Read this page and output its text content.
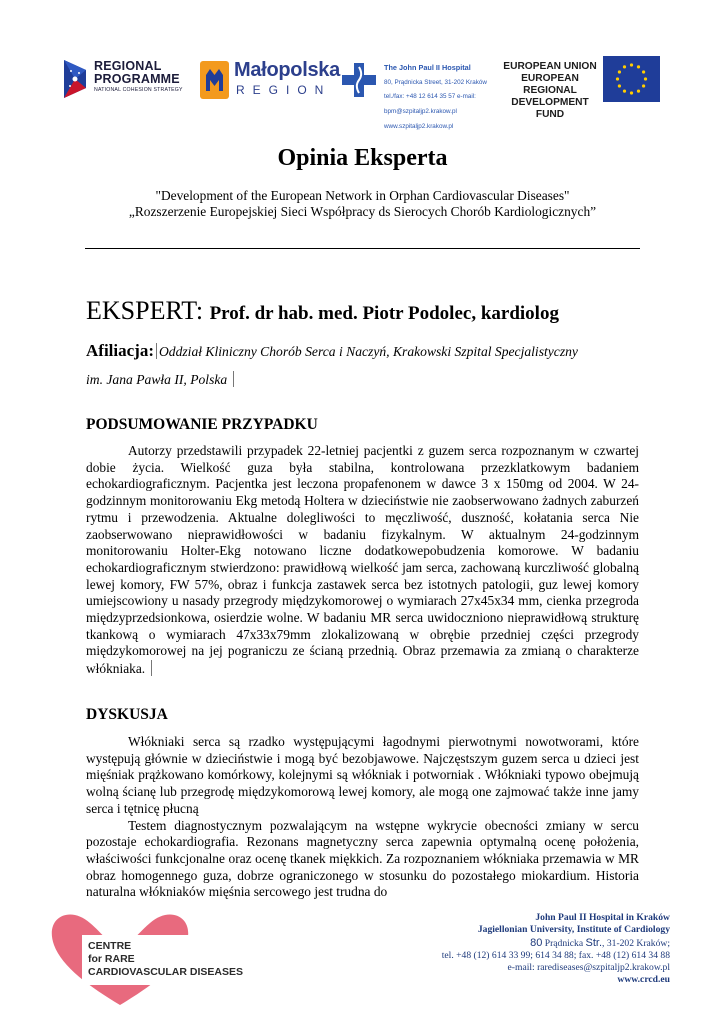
REGIONAL
PROGRAMME
NATIONAL COHESION STRATEGY
Małopolska
REGION

The John Paul II Hospital

80, Prądnicka Street, 31-202 Kraków

tel./fax: +48 12 614 35 57 e-mail:

bpm@szpitaljp2.krakow.pl

www.szpitaljp2.krakow.pl

EUROPEAN UNION
EUROPEAN REGIONAL
DEVELOPMENT FUND
Opinia Eksperta
"Development of the European Network in Orphan Cardiovascular Diseases"
„Rozszerzenie Europejskiej Sieci Współpracy ds Sierocych Chorób Kardiologicznych”
EKSPERT: Prof. dr hab. med. Piotr Podolec, kardiolog
Afiliacja: Oddział Kliniczny Chorób Serca i Naczyń, Krakowski Szpital Specjalistyczny
im. Jana Pawła II, Polska
PODSUMOWANIE PRZYPADKU

Autorzy przedstawili przypadek 22-letniej pacjentki z guzem serca rozpoznanym w czwartej dobie życia. Wielkość guza była stabilna, kontrolowana przezklatkowym badaniem echokardiograficznym. Pacjentka jest leczona propafenonem w dawce 3 x 150mg od 2004. W 24-godzinnym monitorowaniu Ekg metodą Holtera w dzieciństwie nie zaobserwowano żadnych zaburzeń rytmu i przewodzenia. Aktualne dolegliwości to męczliwość, duszność, kołatania serca Nie zaobserwowano nieprawidłowości w badaniu fizykalnym. W aktualnym 24-godzinnym monitorowaniu Holter-Ekg notowano liczne dodatkowepobudzenia komorowe. W badaniu echokardiograficznym stwierdzono: prawidłową wielkość jam serca, zachowaną kurczliwość globalną lewej komory, FW 57%, obraz i funkcja zastawek serca bez istotnych patologii, guz lewej komory umiejscowiony u nasady przegrody międzykomorowej o wymiarach 27x45x34 mm, cienka przegroda międzyprzedsionkowa, osierdzie wolne. W badaniu MR serca uwidoczniono nieprawidłową strukturę tkankową o wymiarach 47x33x79mm zlokalizowaną w obrębie przedniej części przegrody międzykomorowej na jej pograniczu ze ścianą przednią. Obraz przemawia za zmianą o charakterze włókniaka.

DYSKUSJA

Włókniaki serca są rzadko występującymi łagodnymi pierwotnymi nowotworami, które występują głównie w dzieciństwie i mogą być bezobjawowe. Najczęstszym guzem serca u dzieci jest mięśniak prążkowano komórkowy, kolejnymi są włókniak i potworniak . Włókniaki typowo obejmują wolną ścianę lub przegrodę międzykomorową lewej komory, ale mogą one zajmować także inne jamy serca i tętnicę płucną

Testem diagnostycznym pozwalającym na wstępne wykrycie obecności zmiany w sercu pozostaje echokardiografia. Rezonans magnetyczny serca zapewnia optymalną ocenę położenia, właściwości funkcjonalne oraz ocenę tkanek miękkich. Za rozpoznaniem włókniaka przemawia w MR obraz homogennego guza, dobrze ograniczonego w stosunku do pozostałego miokardium. Historia naturalna włókniaków mięśnia sercowego jest trudna do

CENTRE
for RARE
CARDIOVASCULAR DISEASES
John Paul II Hospital in Kraków
Jagiellonian University, Institute of Cardiology
80 Prądnicka Str., 31-202 Kraków;
tel. +48 (12) 614 33 99; 614 34 88; fax. +48 (12) 614 34 88
e-mail: rarediseases@szpitaljp2.krakow.pl
www.crcd.eu
